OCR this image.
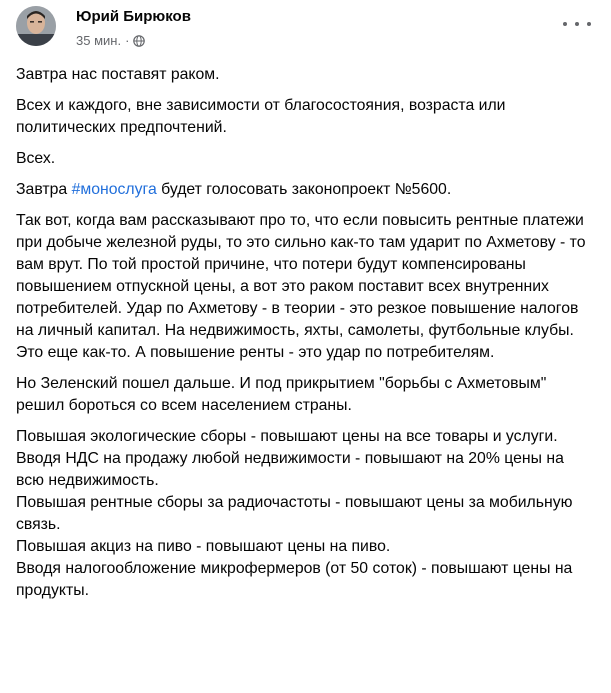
Юрий Бирюков
35 мин. ·

Завтра нас поставят раком.

Всех и каждого, вне зависимости от благосостояния, возраста или политических предпочтений.

Всех.

Завтра #монослуга будет голосовать законопроект №5600.

Так вот, когда вам рассказывают про то, что если повысить рентные платежи при добыче железной руды, то это сильно как-то там ударит по Ахметову - то вам врут. По той простой причине, что потери будут компенсированы повышением отпускной цены, а вот это раком поставит всех внутренних потребителей. Удар по Ахметову - в теории - это резкое повышение налогов на личный капитал. На недвижимость, яхты, самолеты, футбольные клубы. Это еще как-то. А повышение ренты - это удар по потребителям.

Но Зеленский пошел дальше. И под прикрытием "борьбы с Ахметовым" решил бороться со всем населением страны.

Повышая экологические сборы - повышают цены на все товары и услуги.
Вводя НДС на продажу любой недвижимости - повышают на 20% цены на всю недвижимость.
Повышая рентные сборы за радиочастоты - повышают цены за мобильную связь.
Повышая акциз на пиво - повышают цены на пиво.
Вводя налогообложение микрофермеров (от 50 соток) - повышают цены на продукты.
